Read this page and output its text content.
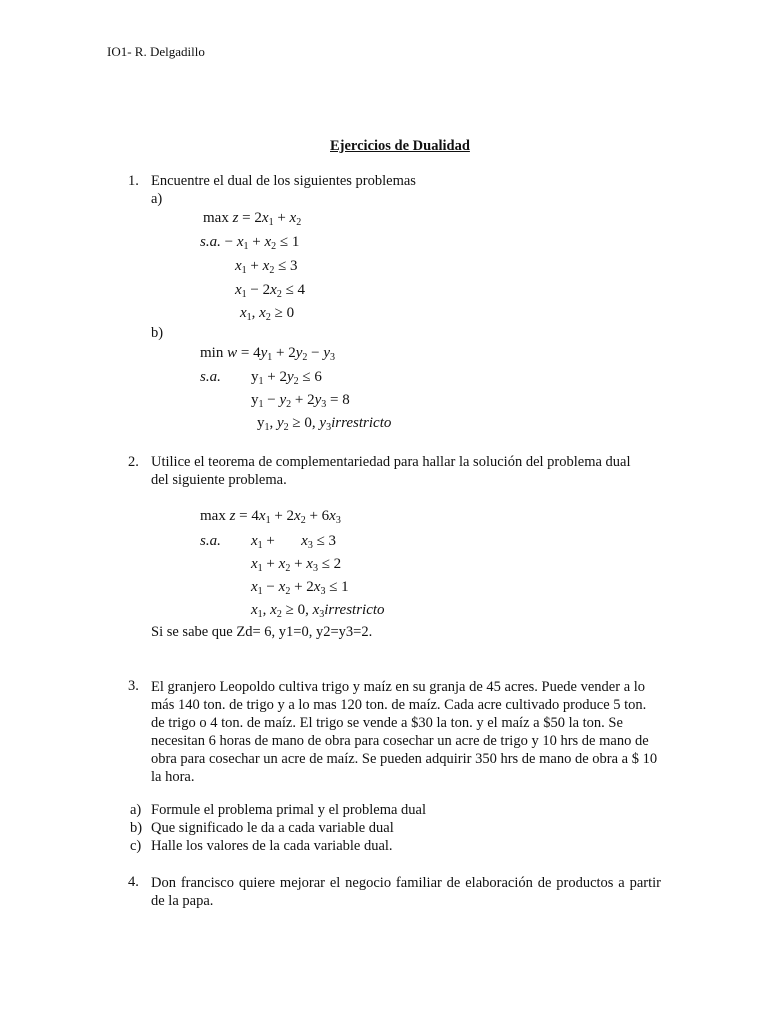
IO1- R. Delgadillo
Ejercicios de Dualidad
1. Encuentre el dual de los siguientes problemas
a)
$\max z = 2x_1 + x_2$
s.a. − $x_1 + x_2 \le 1$
$x_1 + x_2 \le 3$
$x_1 - 2x_2 \le 4$
$x_1$, $x_2 \ge 0$
b)
$\min w = 4y_1 + 2y_2 - y_3$
s.a. $y_1 + 2y_2 \le 6$
$y_1 - y_2 + 2y_3 = 8$
$y_1$, $y_2 \ge 0$, $y_3irrestricto$
2. Utilice el teorema de complementariedad para hallar la solución del problema dual
del siguiente problema.
$\max z = 4x_1 + 2x_2 + 6x_3$
s.a. $x_1$ +       $x_3 \le 3$
$x_1 + x_2 + x_3 \le 2$
$x_1 - x_2 + 2x_3 \le 1$
$x_1$, $x_2 \ge 0$, $x_3irrestricto$
Si se sabe que Zd= 6, y1=0, y2=y3=2.
3. El granjero Leopoldo cultiva trigo y maíz en su granja de 45 acres. Puede vender a lo más 140 ton. de trigo y a lo mas 120 ton. de maíz. Cada acre cultivado produce 5 ton. de trigo o 4 ton. de maíz. El trigo se vende a $30 la ton. y el maíz a $50 la ton. Se necesitan 6 horas de mano de obra para cosechar un acre de trigo y 10 hrs de mano de obra para cosechar un acre de maíz. Se pueden adquirir 350 hrs de mano de obra a $ 10 la hora.
a) Formule el problema primal y el problema dual
b) Que significado le da a cada variable dual
c) Halle los valores de la cada variable dual.
4. Don francisco quiere mejorar el negocio familiar de elaboración de productos a partir de la papa.
